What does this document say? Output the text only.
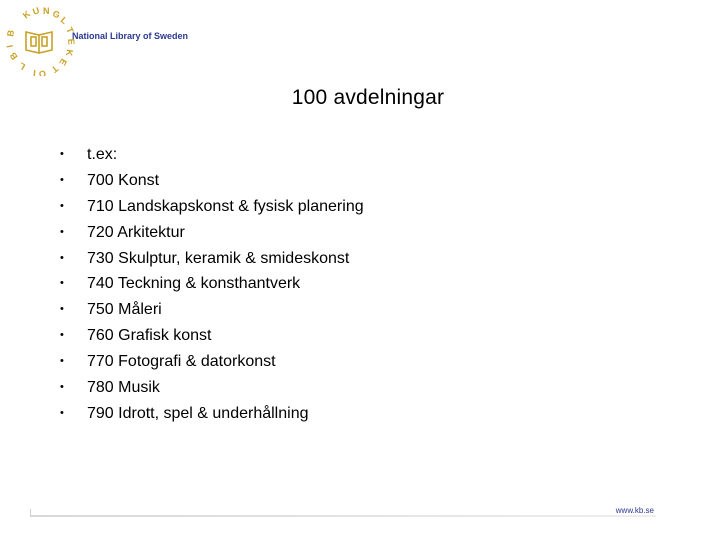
K
U N G
L
B
I
B
L
I O T
E
K
E
T
National Library of Sweden
100 avdelningar
•	t.ex:
•	700 Konst
•	710 Landskapskonst & fysisk planering
•	720 Arkitektur
•	730 Skulptur, keramik & smideskonst
•	740 Teckning & konsthantverk
•	750 Måleri
•	760 Grafisk konst
•	770 Fotografi & datorkonst
•	780 Musik
•	790 Idrott, spel & underhållning
www.kb.se
